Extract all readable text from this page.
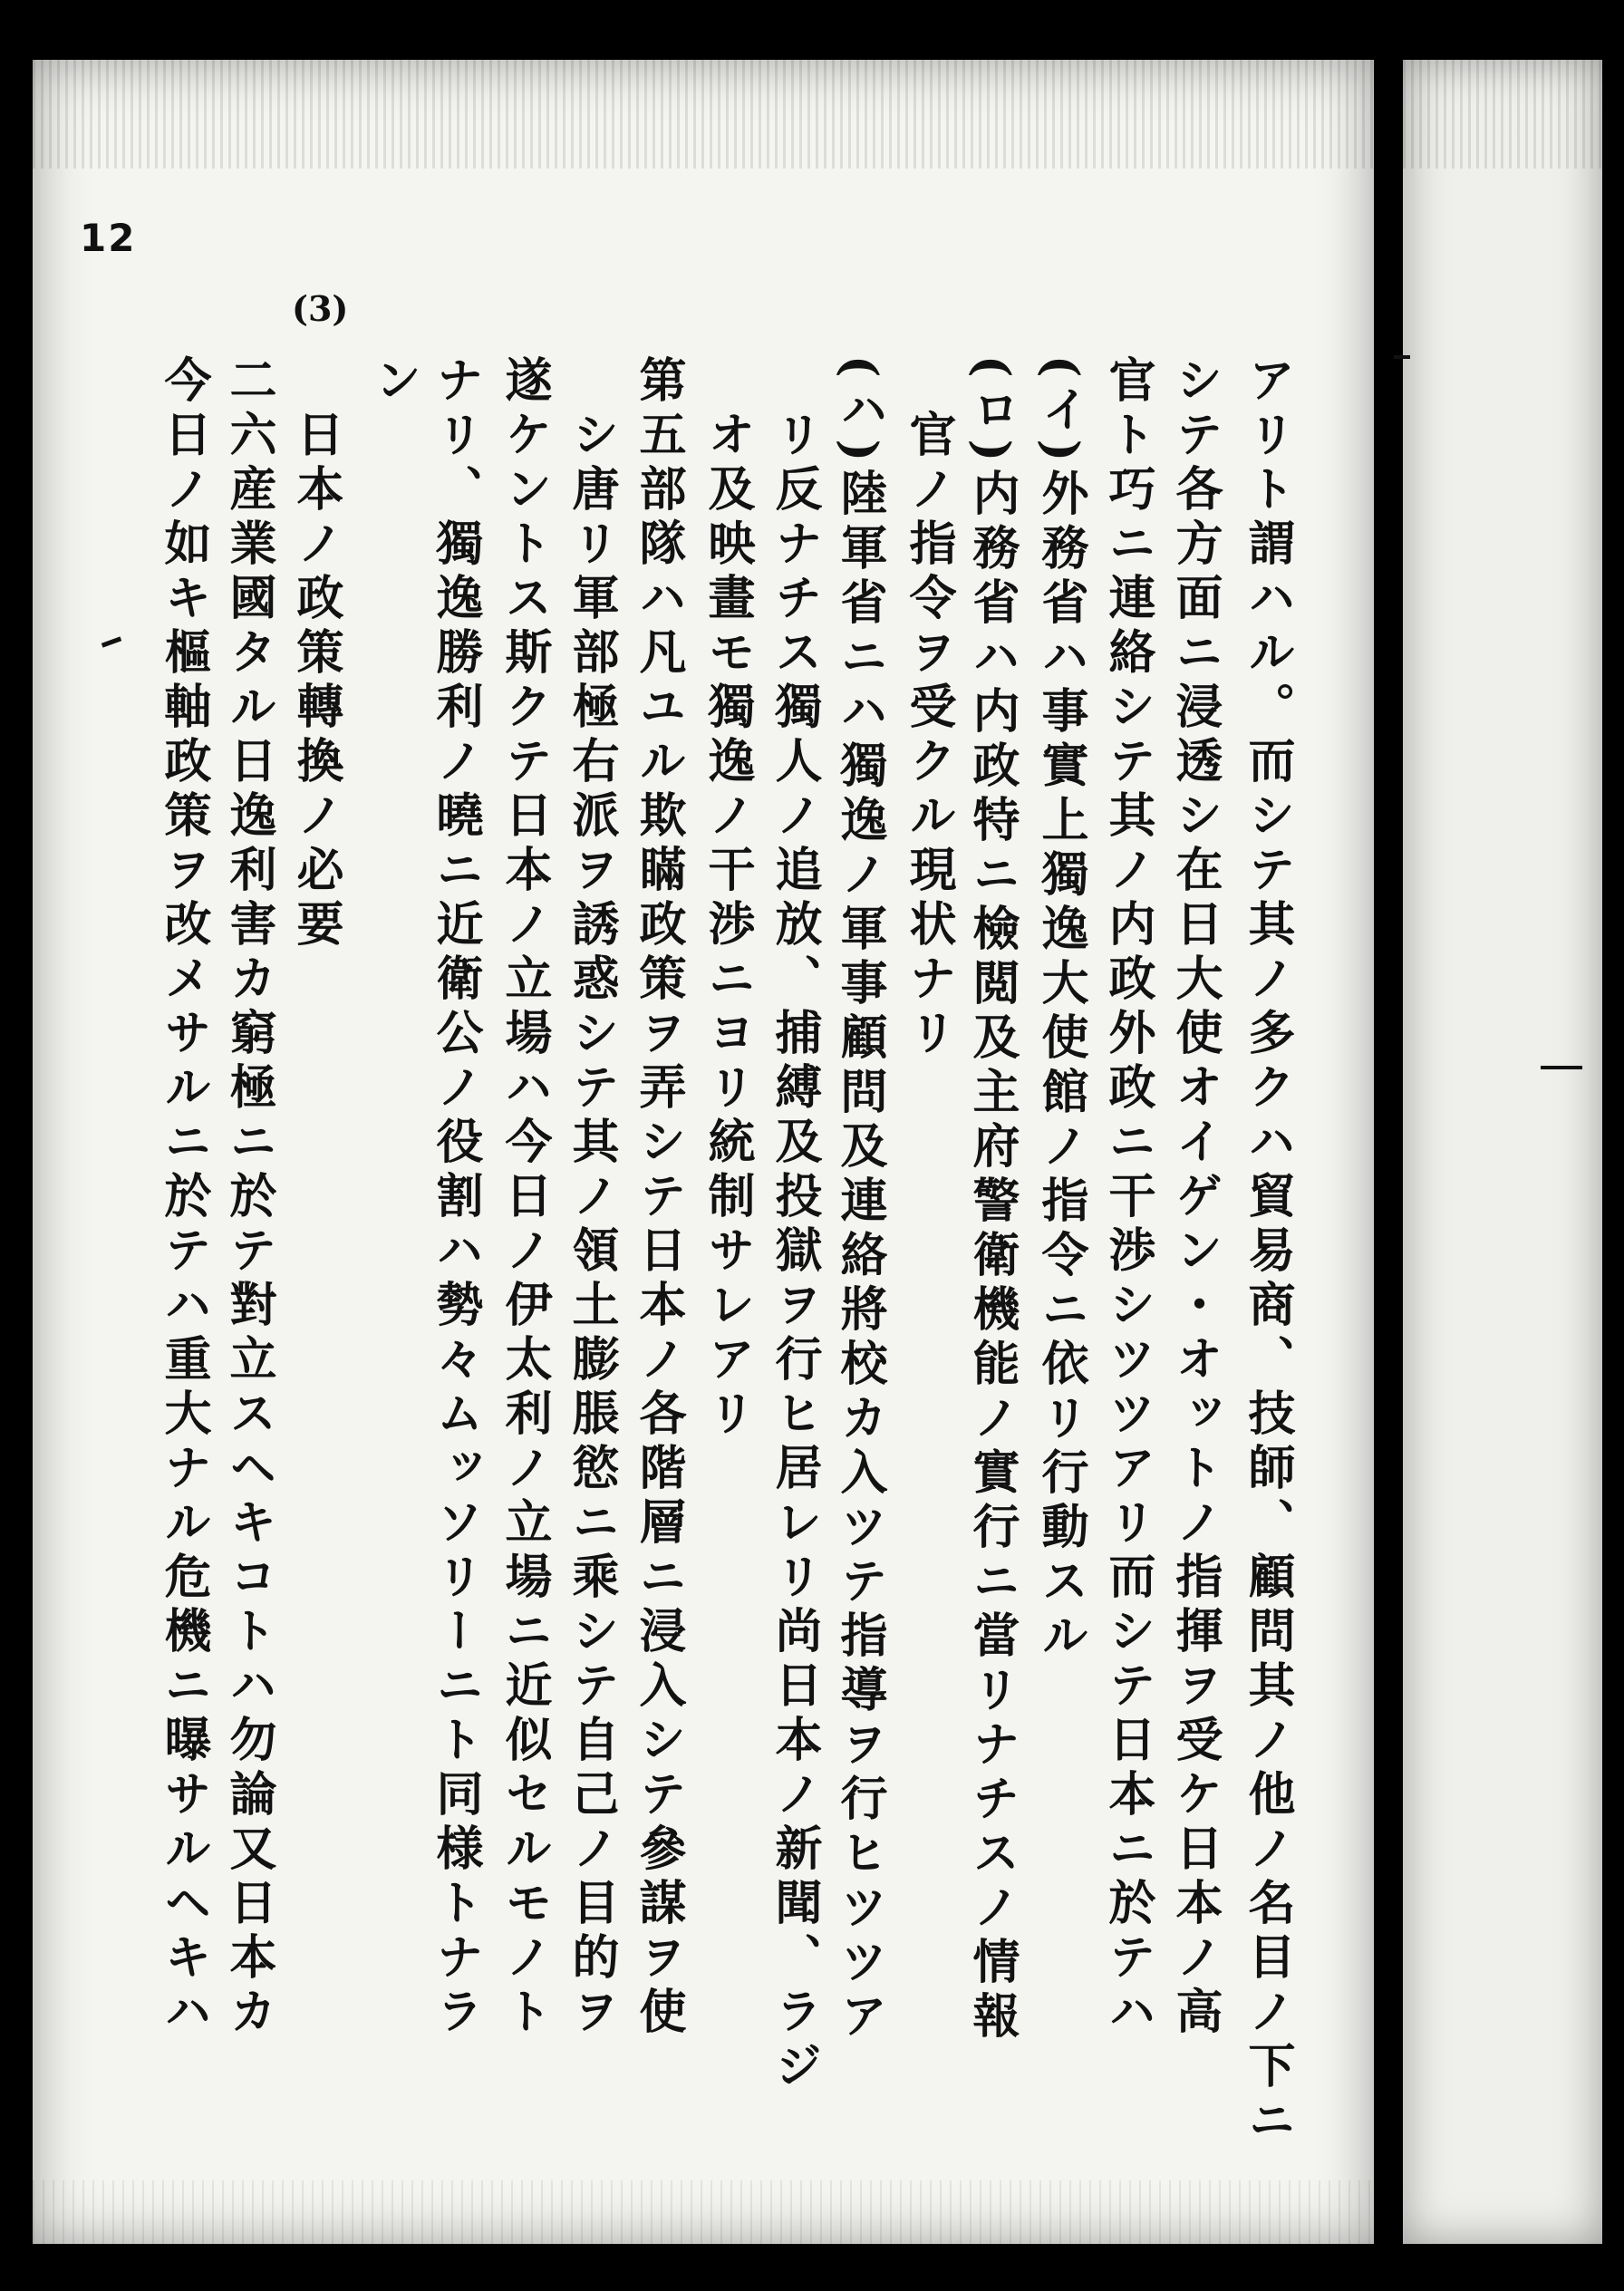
12
(3)
アリト謂ハル。而シテ其ノ多クハ貿易商、技師、顧問其ノ他ノ名目ノ下ニ
シテ各方面ニ浸透シ在日大使オイゲン・オットノ指揮ヲ受ケ日本ノ高
官ト巧ニ連絡シテ其ノ内政外政ニ干渉シツツアリ而シテ日本ニ於テハ
(イ)外務省ハ事實上獨逸大使館ノ指令ニ依リ行動スル
(ロ)内務省ハ内政特ニ檢閲及主府警衛機能ノ實行ニ當リナチスノ情報
官ノ指令ヲ受クル現状ナリ
(ハ)陸軍省ニハ獨逸ノ軍事顧問及連絡將校カ入ツテ指導ヲ行ヒツツア
リ反ナチス獨人ノ追放、捕縛及投獄ヲ行ヒ居レリ尚日本ノ新聞、ラジ
オ及映畫モ獨逸ノ干渉ニヨリ統制サレアリ
第五部隊ハ凡ユル欺瞞政策ヲ弄シテ日本ノ各階層ニ浸入シテ參謀ヲ使
シ唐リ軍部極右派ヲ誘惑シテ其ノ領土膨脹慾ニ乘シテ自己ノ目的ヲ
遂ケントス斯クテ日本ノ立場ハ今日ノ伊太利ノ立場ニ近似セルモノト
ナリ、獨逸勝利ノ曉ニ近衛公ノ役割ハ勢々ムッソリーニト同様トナラ
ン
日本ノ政策轉換ノ必要
二六産業國タル日逸利害カ窮極ニ於テ對立スヘキコトハ勿論又日本カ
今日ノ如キ樞軸政策ヲ改メサルニ於テハ重大ナル危機ニ曝サルヘキハ
